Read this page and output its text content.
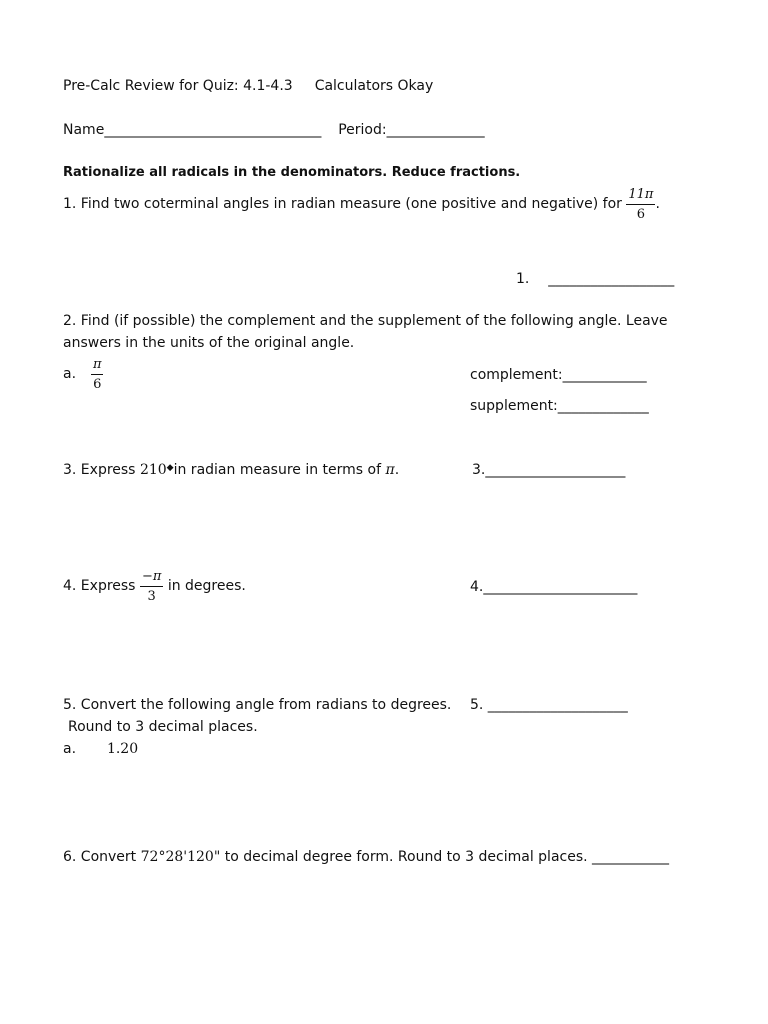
Pre-Calc Review for Quiz: 4.1-4.3 Calculators Okay
Name_______________________________ Period:______________
Rationalize all radicals in the denominators. Reduce fractions.
1. Find two coterminal angles in radian measure (one positive and negative) for $\frac{11\pi}{6}$ .
1. __________________
2. Find (if possible) the complement and the supplement of the following angle. Leave
answers in the units of the original angle.
a. $\frac{\pi}{6}$	complement:____________
supplement:_____________
3. Express 210◆in radian measure in terms of π.	3.____________________
4. Express $\frac{-\pi}{3}$ in degrees.	4.______________________
5. Convert the following angle from radians to degrees. 5. ____________________
Round to 3 decimal places.
a. 1.20
6. Convert 72°28'120" to decimal degree form. Round to 3 decimal places. ___________
